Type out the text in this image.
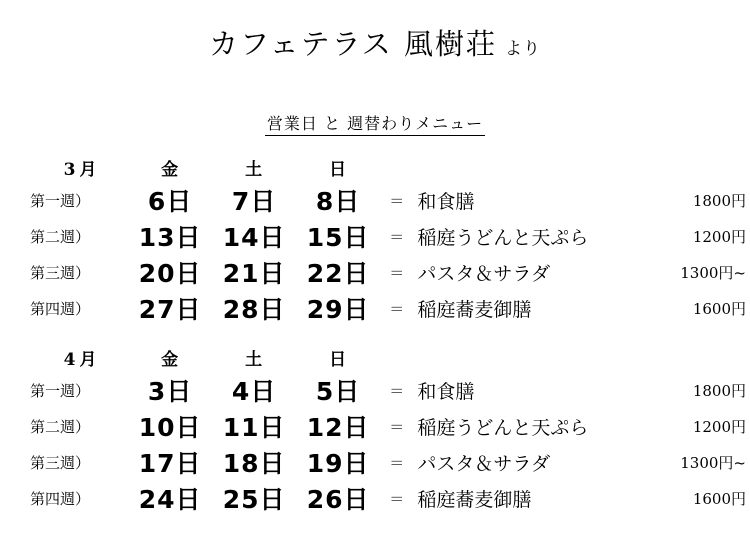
カフェテラス 風樹荘 より
営業日 と 週替わりメニュー
3月	金	土	日			
第一週）	6日	7日	8日	＝	和食膳	1800円
第二週）	13日	14日	15日	＝	稲庭うどんと天ぷら	1200円
第三週）	20日	21日	22日	＝	パスタ＆サラダ	1300円~
第四週）	27日	28日	29日	＝	稲庭蕎麦御膳	1600円
4月	金	土	日			
第一週）	3日	4日	5日	＝	和食膳	1800円
第二週）	10日	11日	12日	＝	稲庭うどんと天ぷら	1200円
第三週）	17日	18日	19日	＝	パスタ＆サラダ	1300円~
第四週）	24日	25日	26日	＝	稲庭蕎麦御膳	1600円
